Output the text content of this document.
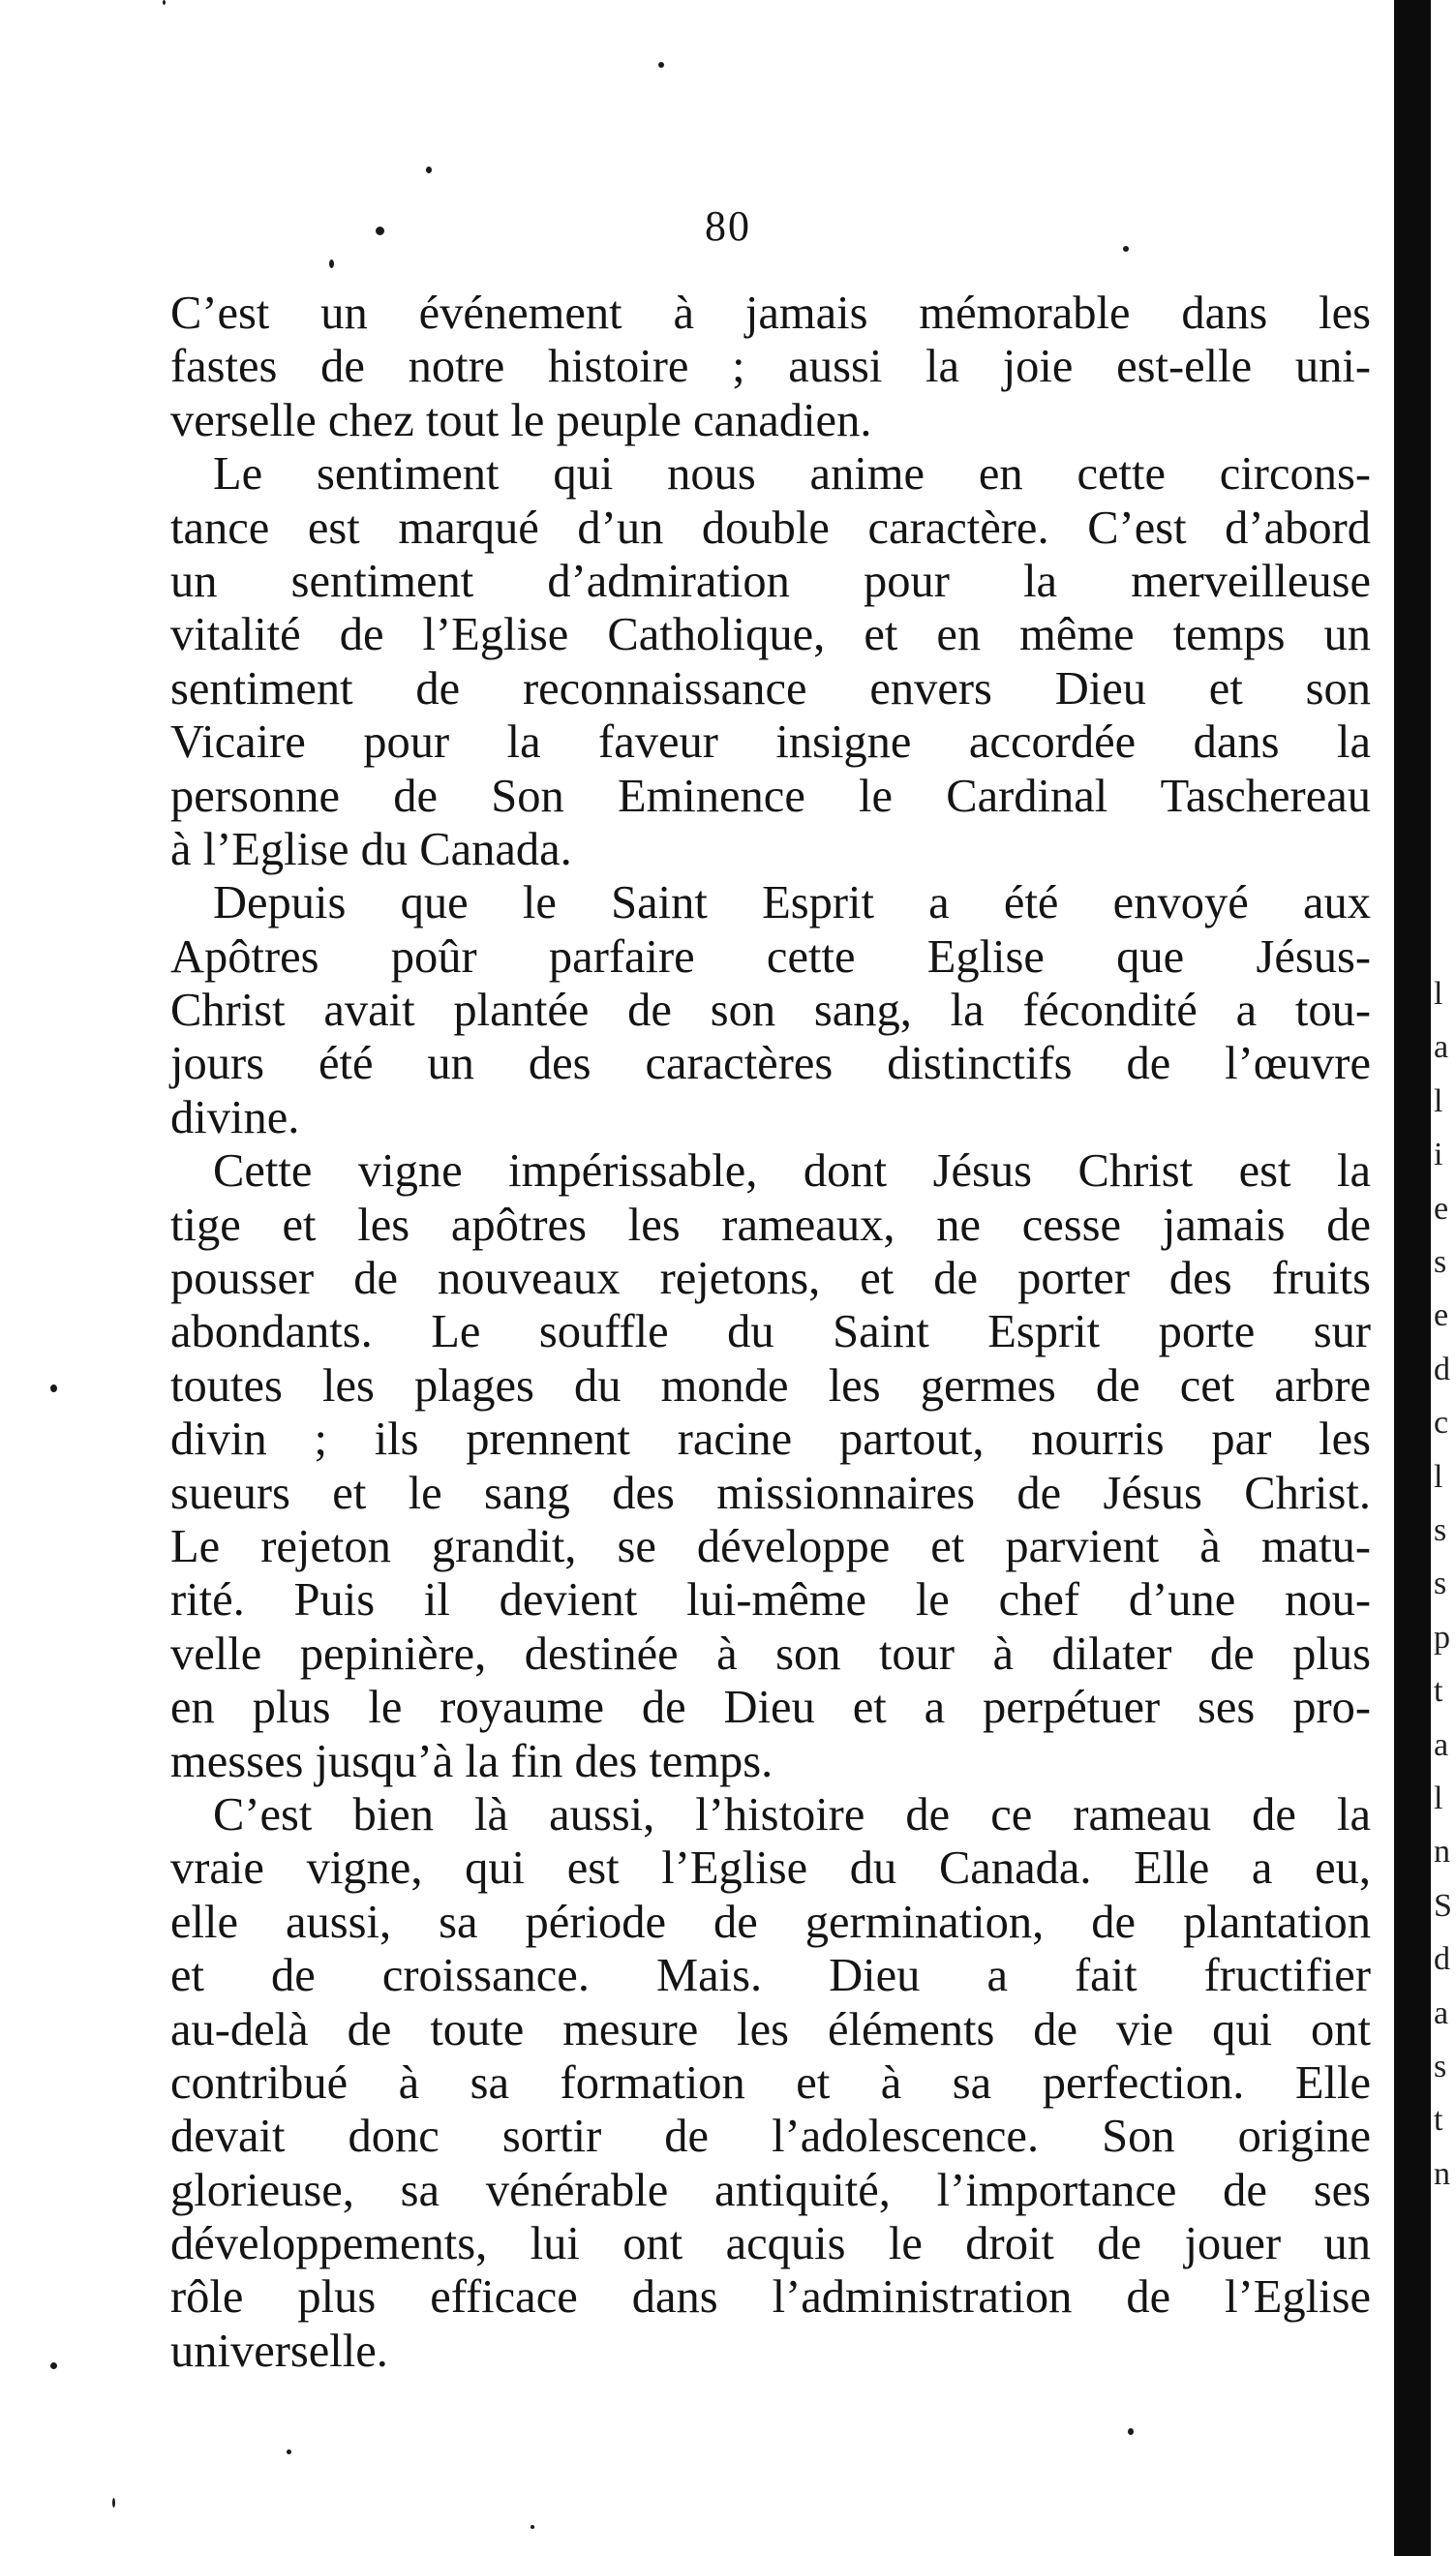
80
C’est un événement à jamais mémorable dans les
fastes de notre histoire ; aussi la joie est-elle uni-
verselle chez tout le peuple canadien.
Le sentiment qui nous anime en cette circons-
tance est marqué d’un double caractère. C’est d’abord
un sentiment d’admiration pour la merveilleuse
vitalité de l’Eglise Catholique, et en même temps un
sentiment de reconnaissance envers Dieu et son
Vicaire pour la faveur insigne accordée dans la
personne de Son Eminence le Cardinal Taschereau
à l’Eglise du Canada.
Depuis que le Saint Esprit a été envoyé aux
Apôtres poûr parfaire cette Eglise que Jésus-
Christ avait plantée de son sang, la fécondité a tou-
jours été un des caractères distinctifs de l’œuvre
divine.
Cette vigne impérissable, dont Jésus Christ est la
tige et les apôtres les rameaux, ne cesse jamais de
pousser de nouveaux rejetons, et de porter des fruits
abondants. Le souffle du Saint Esprit porte sur
toutes les plages du monde les germes de cet arbre
divin ; ils prennent racine partout, nourris par les
sueurs et le sang des missionnaires de Jésus Christ.
Le rejeton grandit, se développe et parvient à matu-
rité. Puis il devient lui-même le chef d’une nou-
velle pepinière, destinée à son tour à dilater de plus
en plus le royaume de Dieu et a perpétuer ses pro-
messes jusqu’à la fin des temps.
C’est bien là aussi, l’histoire de ce rameau de la
vraie vigne, qui est l’Eglise du Canada. Elle a eu,
elle aussi, sa période de germination, de plantation
et de croissance. Mais. Dieu a fait fructifier
au-delà de toute mesure les éléments de vie qui ont
contribué à sa formation et à sa perfection. Elle
devait donc sortir de l’adolescence. Son origine
glorieuse, sa vénérable antiquité, l’importance de ses
développements, lui ont acquis le droit de jouer un
rôle plus efficace dans l’administration de l’Eglise
universelle.
l
a
l
i
e
s
e
d
c
l
s
s
p
t
a
l
n
S
d
a
s
t
n
